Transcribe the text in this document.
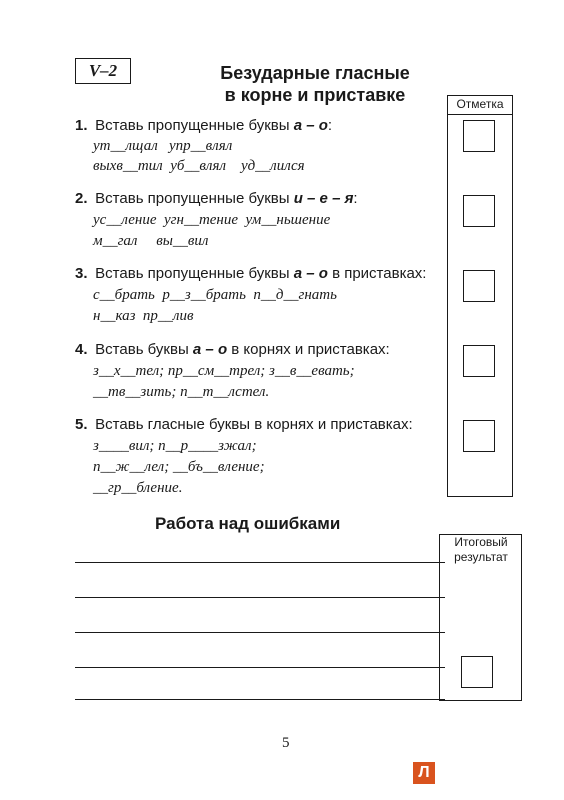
V–2	Безударные гласные
в корне и приставке	Отметка
1. Вставь пропущенные буквы а – о:
ут__лщал   упр__влял
выхв__тил  уб__влял    уд__лился
2. Вставь пропущенные буквы и – е – я:
ус__ление  угн__тение  ум__ньшение
м__гал     вы__вил
3. Вставь пропущенные буквы а – о в приставках:
с__брать  р__з__брать  п__д__гнать
н__каз  пр__лив
4. Вставь буквы а – о в корнях и приставках:
з__х__тел; пр__см__трел; з__в__евать;
__тв__зить; п__т__лстел.
5. Вставь гласные буквы в корнях и приставках:
з____вил; п__р____зжал;
п__ж__лел; __бъ__вление;
__гр__бление.
Работа над ошибками
Итоговый
результат
5
Л
